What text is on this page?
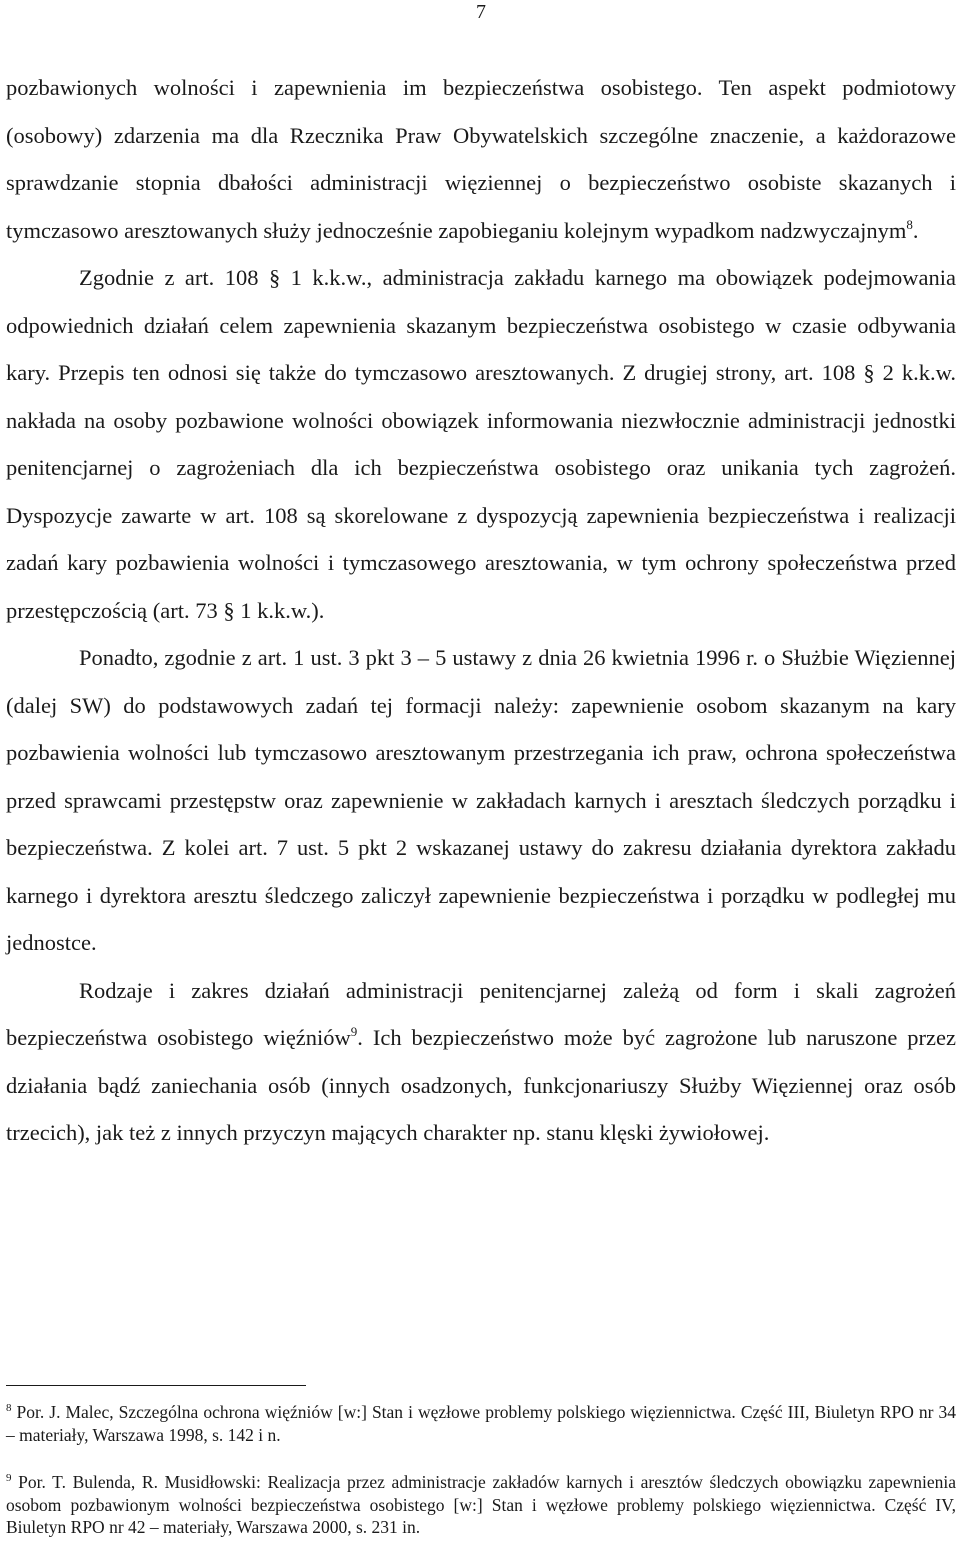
7

pozbawionych wolności i zapewnienia im bezpieczeństwa osobistego. Ten aspekt podmiotowy (osobowy) zdarzenia ma dla Rzecznika Praw Obywatelskich szczególne znaczenie, a każdorazowe sprawdzanie stopnia dbałości administracji więziennej o bezpieczeństwo osobiste skazanych i tymczasowo aresztowanych służy jednocześnie zapobieganiu kolejnym wypadkom nadzwyczajnym$^8$.

Zgodnie z art. 108 § 1 k.k.w., administracja zakładu karnego ma obowiązek podejmowania odpowiednich działań celem zapewnienia skazanym bezpieczeństwa osobistego w czasie odbywania kary. Przepis ten odnosi się także do tymczasowo aresztowanych. Z drugiej strony, art. 108 § 2 k.k.w. nakłada na osoby pozbawione wolności obowiązek informowania niezwłocznie administracji jednostki penitencjarnej o zagrożeniach dla ich bezpieczeństwa osobistego oraz unikania tych zagrożeń. Dyspozycje zawarte w art. 108 są skorelowane z dyspozycją zapewnienia bezpieczeństwa i realizacji zadań kary pozbawienia wolności i tymczasowego aresztowania, w tym ochrony społeczeństwa przed przestępczością (art. 73 § 1 k.k.w.).

Ponadto, zgodnie z art. 1 ust. 3 pkt 3 – 5 ustawy z dnia 26 kwietnia 1996 r. o Służbie Więziennej (dalej SW) do podstawowych zadań tej formacji należy: zapewnienie osobom skazanym na kary pozbawienia wolności lub tymczasowo aresztowanym przestrzegania ich praw, ochrona społeczeństwa przed sprawcami przestępstw oraz zapewnienie w zakładach karnych i aresztach śledczych porządku i bezpieczeństwa. Z kolei art. 7 ust. 5 pkt 2 wskazanej ustawy do zakresu działania dyrektora zakładu karnego i dyrektora aresztu śledczego zaliczył zapewnienie bezpieczeństwa i porządku w podległej mu jednostce.

Rodzaje i zakres działań administracji penitencjarnej zależą od form i skali zagrożeń bezpieczeństwa osobistego więźniów$^9$. Ich bezpieczeństwo może być zagrożone lub naruszone przez działania bądź zaniechania osób (innych osadzonych, funkcjonariuszy Służby Więziennej oraz osób trzecich), jak też z innych przyczyn mających charakter np. stanu klęski żywiołowej.

$^8$ Por. J. Malec, Szczególna ochrona więźniów [w:] Stan i węzłowe problemy polskiego więziennictwa. Część III, Biuletyn RPO nr 34 – materiały, Warszawa 1998, s. 142 i n.
$^9$ Por. T. Bulenda, R. Musidłowski: Realizacja przez administracje zakładów karnych i aresztów śledczych obowiązku zapewnienia osobom pozbawionym wolności bezpieczeństwa osobistego [w:] Stan i węzłowe problemy polskiego więziennictwa. Część IV, Biuletyn RPO nr 42 – materiały, Warszawa 2000, s. 231 in.
